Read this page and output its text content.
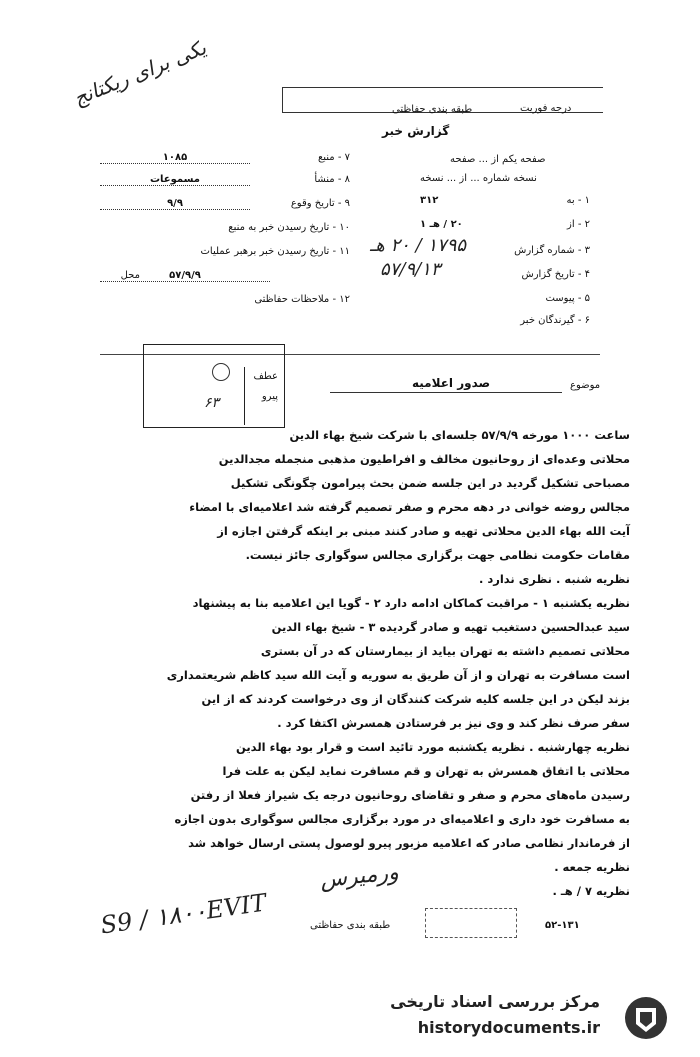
یکی برای ریکتانج	طبقه بندی حفاظتی	درجه فوریت
گزارش خبر
صفحه یکم از ... صفحه
نسخه شماره ... از ... نسخه
۱ - به
۳۱۲
۲ - از
۲۰ / هـ ۱
۳ - شماره گزارش
۱۷۹۵ / ۲۰ هـ
۴ - تاریخ گزارش
۵۷/۹/۱۳
۵ - پیوست
۶ - گیرندگان خبر
۷ - منبع
۱۰۸۵
۸ - منشأ
مسموعات
۹ - تاریخ وقوع
۹/۹
۱۰ - تاریخ رسیدن خبر به منبع
۱۱ - تاریخ رسیدن خبر برهبر عملیات
محل	۵۷/۹/۹
۱۲ - ملاحظات حفاظتی
عطف
پیرو
۶۳
موضوع
صدور اعلامیه
ساعت ۱۰۰۰ مورخه ۵۷/۹/۹ جلسه‌ای با شرکت شیخ بهاء الدین
محلاتی وعده‌ای از روحانیون مخالف و افراطیون مذهبی منجمله مجدالدین
مصباحی تشکیل گردید در این جلسه ضمن بحث پیرامون چگونگی تشکیل
مجالس روضه خوانی در دهه محرم و صفر تصمیم گرفته شد اعلامیه‌ای با امضاء
آیت الله بهاء الدین محلاتی تهیه و صادر کنند مبنی بر اینکه گرفتن اجازه از
مقامات حکومت نظامی جهت برگزاری مجالس سوگواری جائز نیست.
نظریه شنبه . نظری ندارد .
نظریه یکشنبه ۱ - مراقبت کماکان ادامه دارد ۲ - گویا این اعلامیه بنا به پیشنهاد
سید عبدالحسین دستغیب تهیه و صادر گردیده ۳ - شیخ بهاء الدین
محلاتی تصمیم داشته به تهران بیاید از بیمارستان که در آن بستری
است مسافرت به تهران و از آن طریق به سوریه و آیت الله سید کاظم شریعتمداری
بزند لیکن در این جلسه کلیه شرکت کنندگان از وی درخواست کردند که از این
سفر صرف نظر کند و وی نیز بر فرستادن همسرش اکتفا کرد .
نظریه چهارشنبه . نظریه یکشنبه مورد تائید است و قرار بود بهاء الدین
محلاتی با اتفاق همسرش به تهران و قم مسافرت نماید لیکن به علت فرا
رسیدن ماه‌های محرم و صفر و تقاضای روحانیون درجه یک شیراز فعلا از رفتن
به مسافرت خود داری و اعلامیه‌ای در مورد برگزاری مجالس سوگواری بدون اجازه
از فرماندار نظامی صادر که اعلامیه مزبور پیرو لوصول پستی ارسال خواهد شد
نظریه جمعه .
نظریه ۷ / هـ .
ورمیرس
طبقه بندی حفاظتی	۵۲-۱۳۱
S9 / ۱۸۰۰EVIT
مرکز بررسی اسناد تاریخی
historydocuments.ir
